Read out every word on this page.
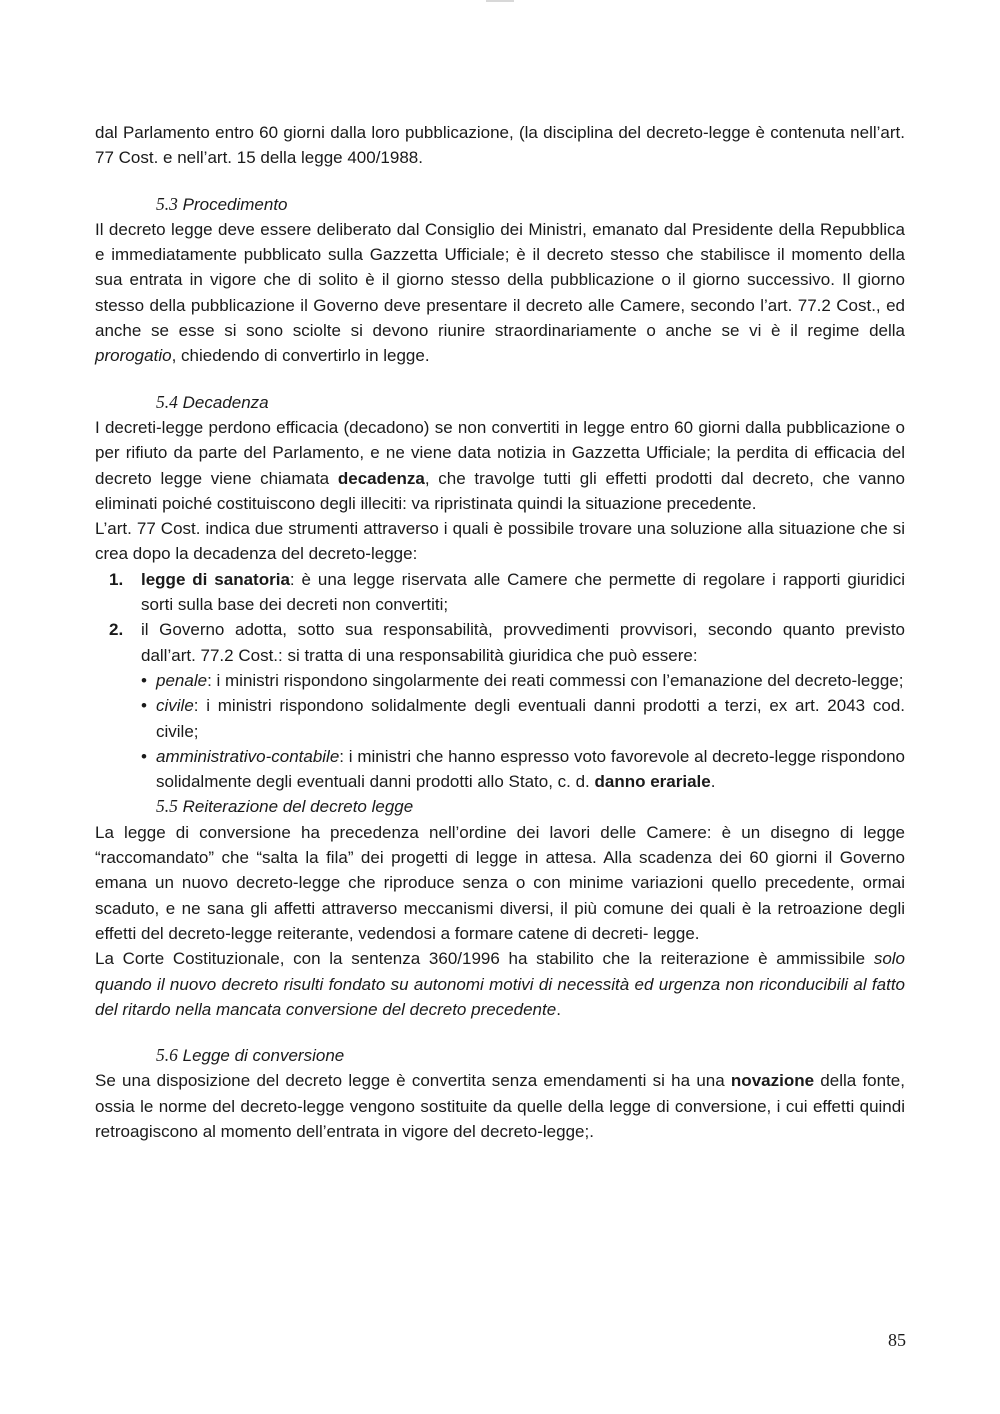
dal Parlamento entro 60 giorni dalla loro pubblicazione, (la disciplina del decreto-legge è contenuta nell’art. 77 Cost. e nell’art. 15 della legge 400/1988.

5.3 Procedimento

Il decreto legge deve essere deliberato dal Consiglio dei Ministri, emanato dal Presidente della Repubblica e immediatamente pubblicato sulla Gazzetta Ufficiale; è il decreto stesso che stabilisce il momento della sua entrata in vigore che di solito è il giorno stesso della pubblicazione o il giorno successivo. Il giorno stesso della pubblicazione il Governo deve presentare il decreto alle Camere, secondo l’art. 77.2 Cost., ed anche se esse si sono sciolte si devono riunire straordinariamente o anche se vi è il regime della prorogatio, chiedendo di convertirlo in legge.

5.4 Decadenza

I decreti-legge perdono efficacia (decadono) se non convertiti in legge entro 60 giorni dalla pubblicazione o per rifiuto da parte del Parlamento, e ne viene data notizia in Gazzetta Ufficiale; la perdita di efficacia del decreto legge viene chiamata decadenza, che travolge tutti gli effetti prodotti dal decreto, che vanno eliminati poiché costituiscono degli illeciti: va ripristinata quindi la situazione precedente.

L’art. 77 Cost. indica due strumenti attraverso i quali è possibile trovare una soluzione alla situazione che si crea dopo la decadenza del decreto-legge:

1. legge di sanatoria: è una legge riservata alle Camere che permette di regolare i rapporti giuridici sorti sulla base dei decreti non convertiti;
2. il Governo adotta, sotto sua responsabilità, provvedimenti provvisori, secondo quanto previsto dall’art. 77.2 Cost.: si tratta di una responsabilità giuridica che può essere:
• penale: i ministri rispondono singolarmente dei reati commessi con l’emanazione del decreto-legge;
• civile: i ministri rispondono solidalmente degli eventuali danni prodotti a terzi, ex art. 2043 cod. civile;
• amministrativo-contabile: i ministri che hanno espresso voto favorevole al decreto-legge rispondono solidalmente degli eventuali danni prodotti allo Stato, c. d. danno erariale.

5.5 Reiterazione del decreto legge

La legge di conversione ha precedenza nell’ordine dei lavori delle Camere: è un disegno di legge “raccomandato” che “salta la fila” dei progetti di legge in attesa. Alla scadenza dei 60 giorni il Governo emana un nuovo decreto-legge che riproduce senza o con minime variazioni quello precedente, ormai scaduto, e ne sana gli affetti attraverso meccanismi diversi, il più comune dei quali è la retroazione degli effetti del decreto-legge reiterante, vedendosi a formare catene di decreti- legge.

La Corte Costituzionale, con la sentenza 360/1996 ha stabilito che la reiterazione è ammissibile solo quando il nuovo decreto risulti fondato su autonomi motivi di necessità ed urgenza non riconducibili al fatto del ritardo nella mancata conversione del decreto precedente.

5.6 Legge di conversione

Se una disposizione del decreto legge è convertita senza emendamenti si ha una novazione della fonte, ossia le norme del decreto-legge vengono sostituite da quelle della legge di conversione, i cui effetti quindi retroagiscono al momento dell’entrata in vigore del decreto-legge;.

85
